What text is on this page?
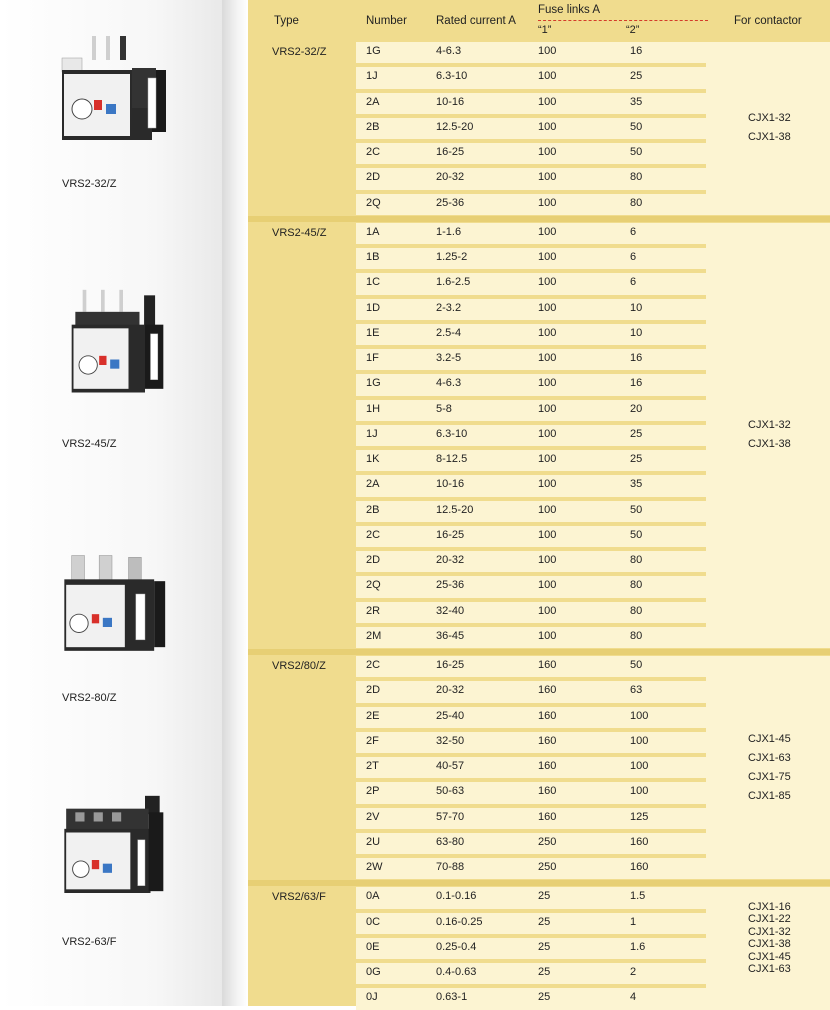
VRS2-32/Z
VRS2-45/Z
VRS2-80/Z
VRS2-63/F
Type	Number	Rated current A
Fuse links A
“1”	“2”
For contactor
VRS2-32/Z	1G	4-6.3	100	16
1J	6.3-10	100	25
2A	10-16	100	35
2B	12.5-20	100	50
2C	16-25	100	50
2D	20-32	100	80
2Q	25-36	100	80
CJX1-32
CJX1-38
VRS2-45/Z	1A	1-1.6	100	6
1B	1.25-2	100	6
1C	1.6-2.5	100	6
1D	2-3.2	100	10
1E	2.5-4	100	10
1F	3.2-5	100	16
1G	4-6.3	100	16
1H	5-8	100	20
1J	6.3-10	100	25
1K	8-12.5	100	25
2A	10-16	100	35
2B	12.5-20	100	50
2C	16-25	100	50
2D	20-32	100	80
2Q	25-36	100	80
2R	32-40	100	80
2M	36-45	100	80
CJX1-32
CJX1-38
VRS2/80/Z	2C	16-25	160	50
2D	20-32	160	63
2E	25-40	160	100
2F	32-50	160	100
2T	40-57	160	100
2P	50-63	160	100
2V	57-70	160	125
2U	63-80	250	160
2W	70-88	250	160
CJX1-45
CJX1-63
CJX1-75
CJX1-85
VRS2/63/F	0A	0.1-0.16	25	1.5
0C	0.16-0.25	25	1
0E	0.25-0.4	25	1.6
0G	0.4-0.63	25	2
0J	0.63-1	25	4
CJX1-16
CJX1-22
CJX1-32
CJX1-38
CJX1-45
CJX1-63
